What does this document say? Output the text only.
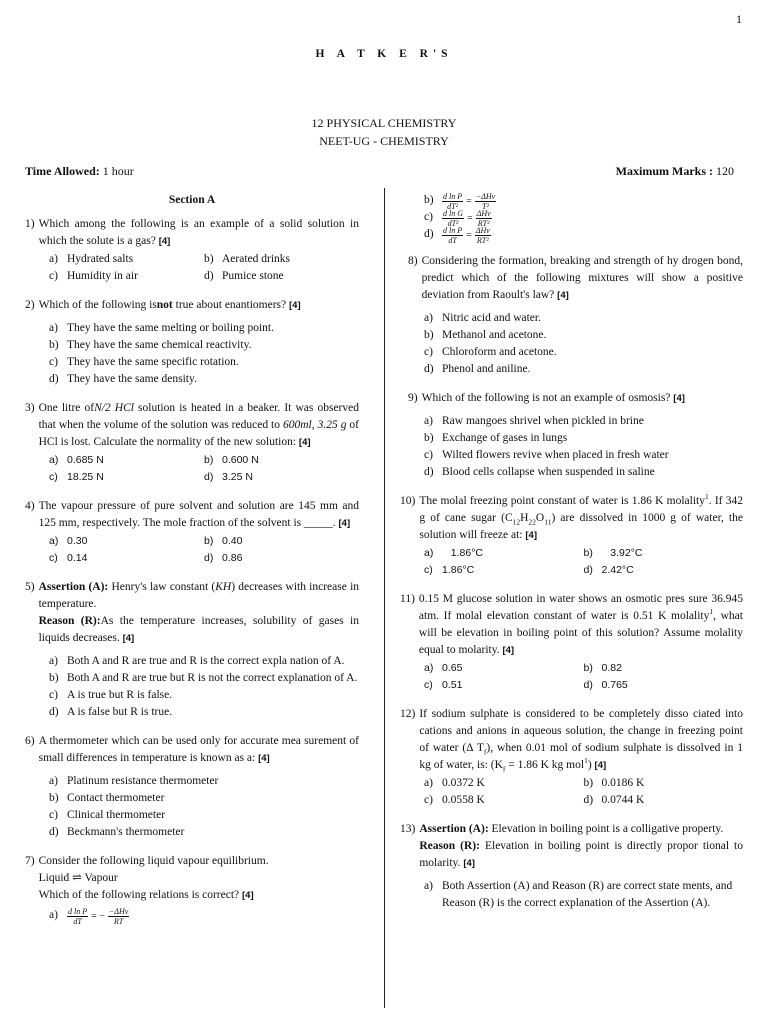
1
H A T K E R'S
12 PHYSICAL CHEMISTRY
NEET-UG - CHEMISTRY
Time Allowed: 1 hour	Maximum Marks : 120
Section A
1) Which among the following is an example of a solid solution in which the solute is a gas? [4]

a) Hydrated salts	b) Aerated drinks
c) Humidity in air	d) Pumice stone
2) Which of the following isnot true about enantiomers? [4]

a) They have the same melting or boiling point.
b) They have the same chemical reactivity.
c) They have the same specific rotation.
d) They have the same density.
3) One litre ofN/2 HCl solution is heated in a beaker. It was observed that when the volume of the solution was reduced to 600ml, 3.25 g of HCl is lost. Calculate the normality of the new solution: [4]

a) 0.685 N	b) 0.600 N
c) 18.25 N	d) 3.25 N
4) The vapour pressure of pure solvent and solution are 145 mm and 125 mm, respectively. The mole fraction of the solvent is _____. [4]

a) 0.30	b) 0.40
c) 0.14	d) 0.86
5) Assertion (A): Henry's law constant (KH) decreases with increase in temperature.

Reason (R):As the temperature increases, solubility of gases in liquids decreases. [4]

a) Both A and R are true and R is the correct expla nation of A.
b) Both A and R are true but R is not the correct explanation of A.
c) A is true but R is false.
d) A is false but R is true.
6) A thermometer which can be used only for accurate mea surement of small differences in temperature is known as a: [4]

a) Platinum resistance thermometer
b) Contact thermometer
c) Clinical thermometer
d) Beckmann's thermometer
7) Consider the following liquid vapour equilibrium.

Liquid ⇌ Vapour

Which of the following relations is correct? [4]

a)	$\frac{\text{d ln P}}{dT}$ = − $\frac{\text{−ΔHv}}{RT}$
b)	$\frac{\text{d ln P}}{\text{dT²}} = \frac{\text{−ΔHv}}{\text{T²}}$
c)	$\frac{\text{d ln G}}{\text{dT²}} = \frac{\text{ΔHv}}{\text{RT²}}$
d)	$\frac{\text{d ln P}}{dT} = \frac{\text{ΔHv}}{\text{RT²}}$
8) Considering the formation, breaking and strength of hy drogen bond, predict which of the following mixtures will show a positive deviation from Raoult's law? [4]

a) Nitric acid and water.
b) Methanol and acetone.
c) Chloroform and acetone.
d) Phenol and aniline.
9) Which of the following is not an example of osmosis? [4]

a) Raw mangoes shrivel when pickled in brine
b) Exchange of gases in lungs
c) Wilted flowers revive when placed in fresh water
d) Blood cells collapse when suspended in saline
10) The molal freezing point constant of water is 1.86 K molality$^1$. If 342 g of cane sugar $(C_{12}H_{22}O_{11})$ are dissolved in 1000 g of water, the solution will freeze at: [4]

a) 1.86°C	b) 3.92°C
c) 1.86°C	d) 2.42°C
11) 0.15 M glucose solution in water shows an osmotic pres sure 36.945 atm. If molal elevation constant of water is 0.51 K molality$^1$, what will be elevation in boiling point of this solution? Assume molality equal to molarity. [4]

a) 0.65	b) 0.82
c) 0.51	d) 0.765
12) If sodium sulphate is considered to be completely disso ciated into cations and anions in aqueous solution, the change in freezing point of water (Δ $T_f$), when 0.01 mol of sodium sulphate is dissolved in 1 kg of water, is: ($K_f = 1.86$ K kg mol$^1$) [4]

a) 0.0372 K	b) 0.0186 K
c) 0.0558 K	d) 0.0744 K
13) Assertion (A): Elevation in boiling point is a colligative property.

Reason (R): Elevation in boiling point is directly propor tional to molarity. [4]

a) Both Assertion (A) and Reason (R) are correct state ments, and Reason (R) is the correct explanation of the Assertion (A).
